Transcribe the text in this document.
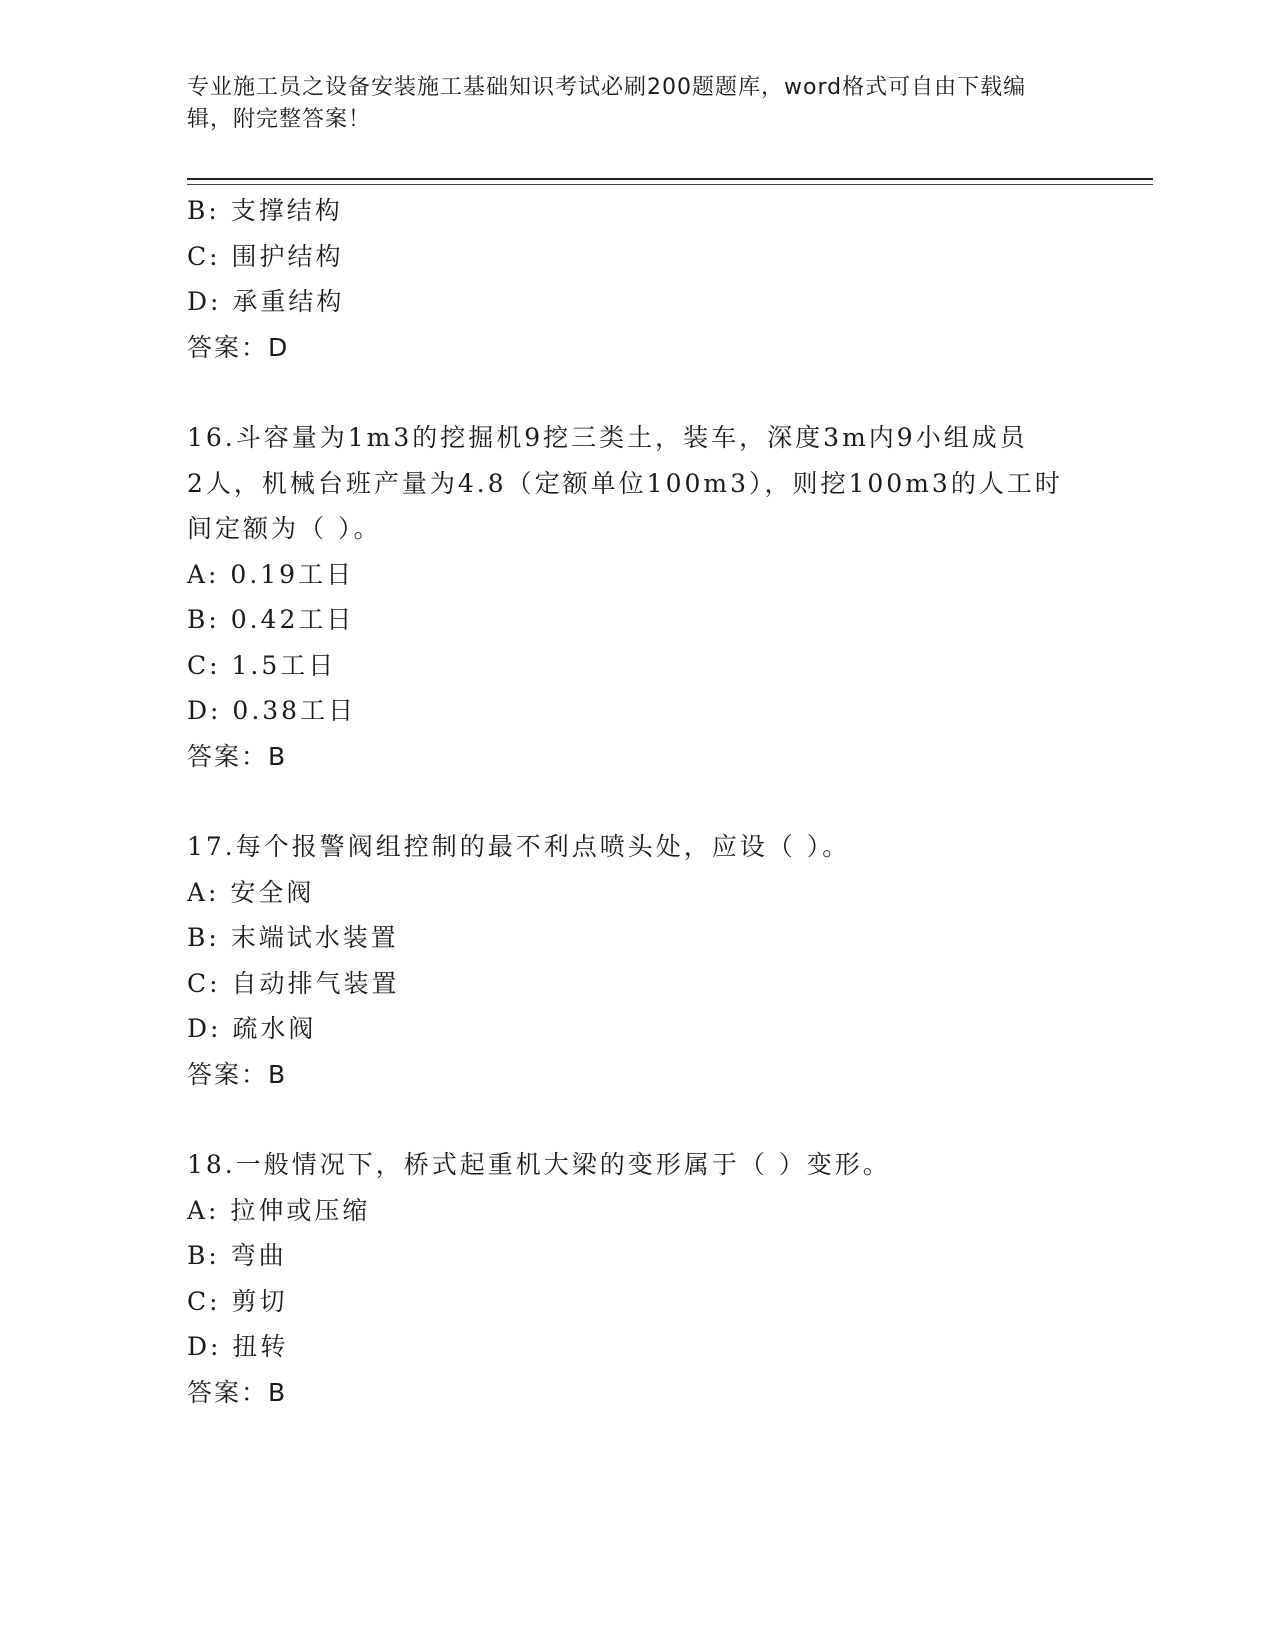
专业施工员之设备安装施工基础知识考试必刷200题题库，word格式可自由下载编辑，附完整答案！
B: 支撑结构
C: 围护结构
D: 承重结构
答案：D
16.斗容量为1m3的挖掘机9挖三类土，装车，深度3m内9小组成员
2人，机械台班产量为4.8（定额单位100m3），则挖100m3的人工时
间定额为（ ）。
A: 0.19工日
B: 0.42工日
C: 1.5工日
D: 0.38工日
答案：B
17.每个报警阀组控制的最不利点喷头处，应设（ ）。
A: 安全阀
B: 末端试水装置
C: 自动排气装置
D: 疏水阀
答案：B
18.一般情况下，桥式起重机大梁的变形属于（ ）变形。
A: 拉伸或压缩
B: 弯曲
C: 剪切
D: 扭转
答案：B
